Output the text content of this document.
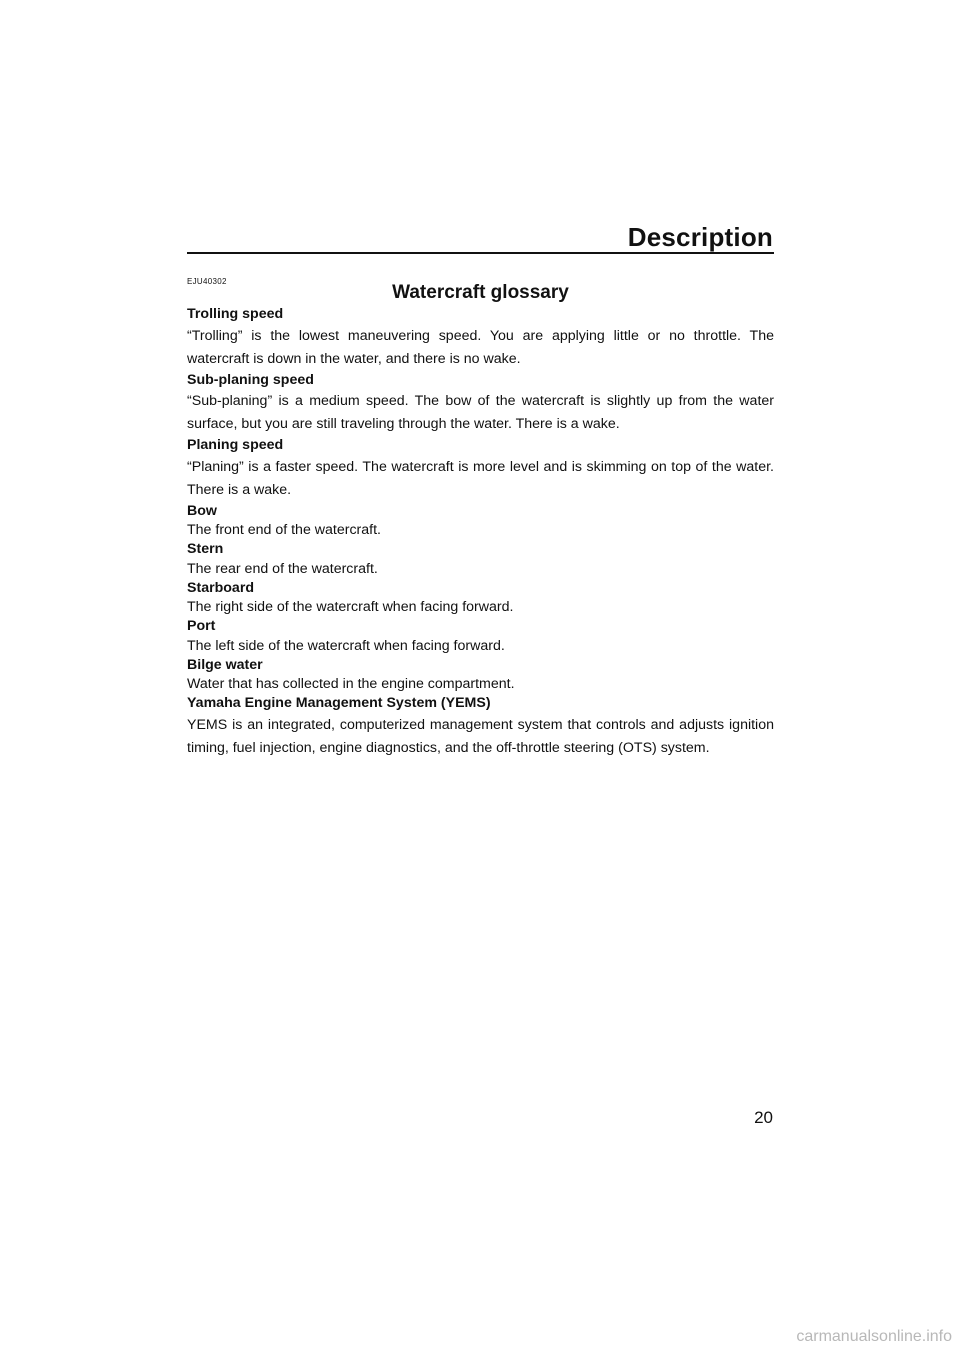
Description
EJU40302
Watercraft glossary
Trolling speed
“Trolling” is the lowest maneuvering speed. You are applying little or no throttle. The watercraft is down in the water, and there is no wake.
Sub-planing speed
“Sub-planing” is a medium speed. The bow of the watercraft is slightly up from the water surface, but you are still traveling through the water. There is a wake.
Planing speed
“Planing” is a faster speed. The watercraft is more level and is skimming on top of the water. There is a wake.
Bow
The front end of the watercraft.
Stern
The rear end of the watercraft.
Starboard
The right side of the watercraft when facing forward.
Port
The left side of the watercraft when facing forward.
Bilge water
Water that has collected in the engine compartment.
Yamaha Engine Management System (YEMS)
YEMS is an integrated, computerized management system that controls and adjusts ignition timing, fuel injection, engine diagnostics, and the off-throttle steering (OTS) system.
20
carmanualsonline.info
